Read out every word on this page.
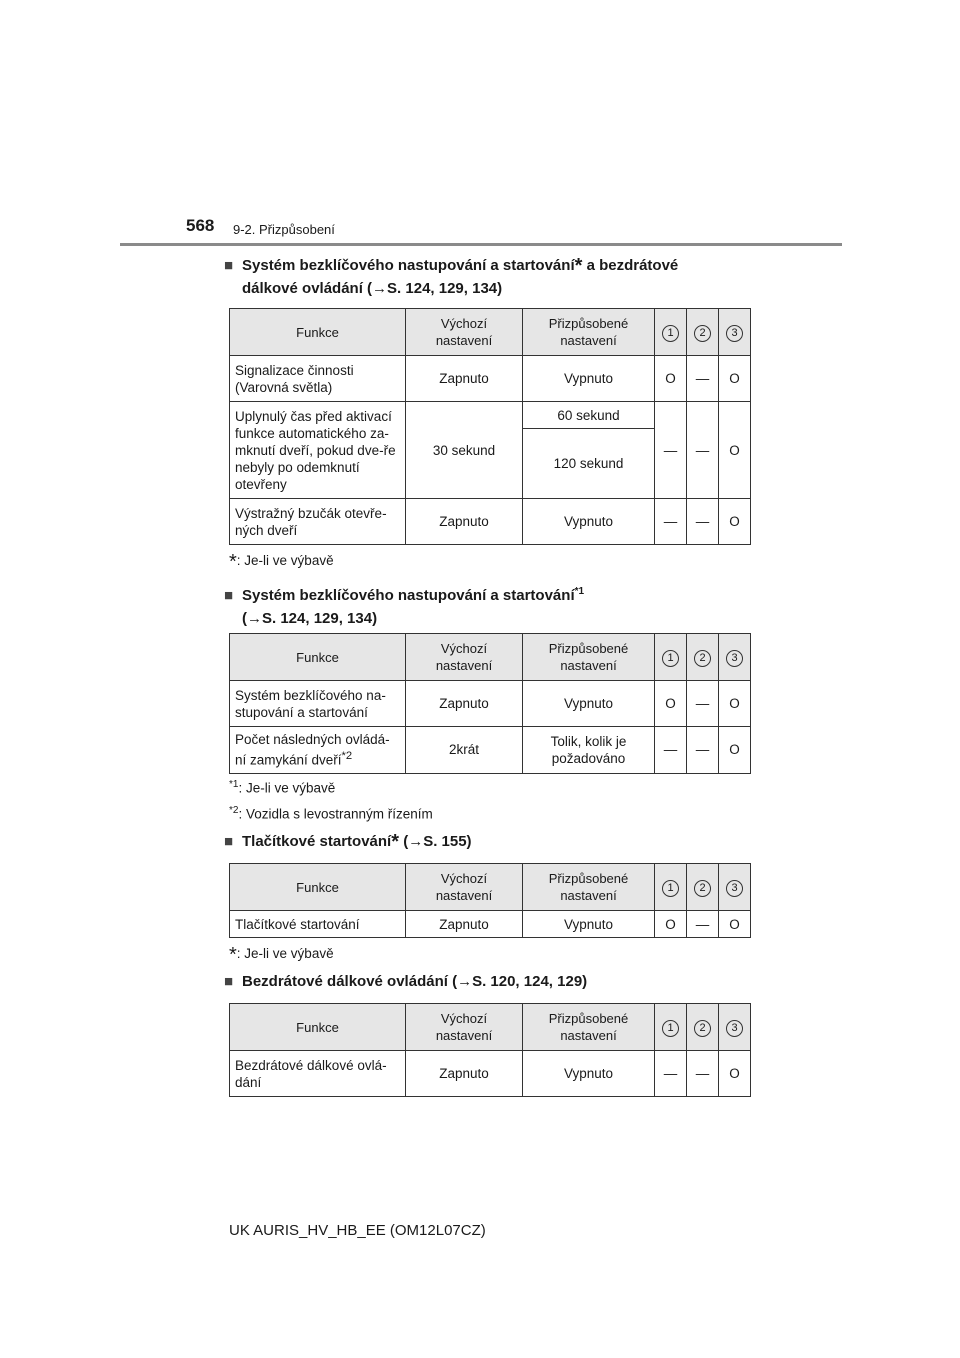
568 9-2. Přizpůsobení
■ Systém bezklíčového nastupování a startování* a bezdrátové
dálkové ovládání (→S. 124, 129, 134)
Funkce	Výchozí nastavení	Přizpůsobené nastavení	1	2	3
Signalizace činnosti (Varovná světla)	Zapnuto	Vypnuto	O	—	O
Uplynulý čas před aktivací funkce automatického za-mknutí dveří, pokud dve-ře nebyly po odemknutí otevřeny	30 sekund	60 sekund	—	—	O
		120 sekund			
Výstražný bzučák otevře-ných dveří	Zapnuto	Vypnuto	—	—	O
*: Je-li ve výbavě
■ Systém bezklíčového nastupování a startování$^{*1}$
(→S. 124, 129, 134)
Funkce	Výchozí nastavení	Přizpůsobené nastavení	1	2	3
Systém bezklíčového na-stupování a startování	Zapnuto	Vypnuto	O	—	O
Počet následných ovládá-ní zamykání dveří$^{*2}$	2krát	Tolik, kolik je požadováno	—	—	O
$^{*1}$: Je-li ve výbavě
$^{*2}$: Vozidla s levostranným řízením
■ Tlačítkové startování* (→S. 155)
Funkce	Výchozí nastavení	Přizpůsobené nastavení	1	2	3
Tlačítkové startování	Zapnuto	Vypnuto	O	—	O
*: Je-li ve výbavě
■ Bezdrátové dálkové ovládání (→S. 120, 124, 129)
Funkce	Výchozí nastavení	Přizpůsobené nastavení	1	2	3
Bezdrátové dálkové ovlá-dání	Zapnuto	Vypnuto	—	—	O
UK AURIS_HV_HB_EE (OM12L07CZ)
